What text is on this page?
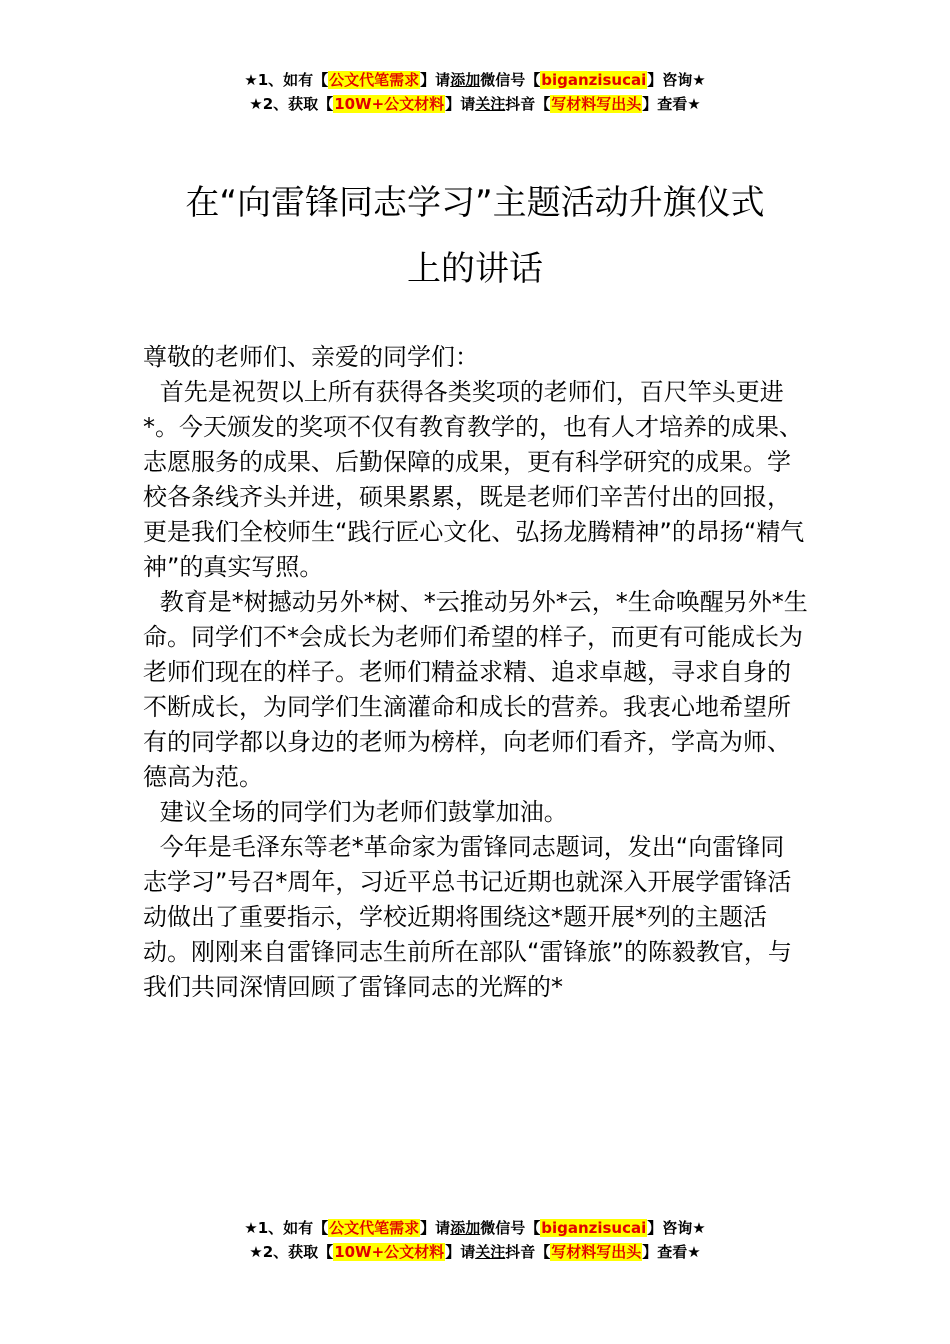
★1、如有【公文代笔需求】请添加微信号【biganzisucai】咨询★
★2、获取【10W+公文材料】请关注抖音【写材料写出头】查看★
在“向雷锋同志学习”主题活动升旗仪式
上的讲话

尊敬的老师们、亲爱的同学们：

首先是祝贺以上所有获得各类奖项的老师们，百尺竿头更进*。今天颁发的奖项不仅有教育教学的，也有人才培养的成果、志愿服务的成果、后勤保障的成果，更有科学研究的成果。学校各条线齐头并进，硕果累累，既是老师们辛苦付出的回报，更是我们全校师生“践行匠心文化、弘扬龙腾精神”的昂扬“精气神”的真实写照。

教育是*树撼动另外*树、*云推动另外*云，*生命唤醒另外*生命。同学们不*会成长为老师们希望的样子，而更有可能成长为老师们现在的样子。老师们精益求精、追求卓越，寻求自身的不断成长，为同学们生滴灌命和成长的营养。我衷心地希望所有的同学都以身边的老师为榜样，向老师们看齐，学高为师、德高为范。

建议全场的同学们为老师们鼓掌加油。

今年是毛泽东等老*革命家为雷锋同志题词，发出“向雷锋同志学习”号召*周年，习近平总书记近期也就深入开展学雷锋活动做出了重要指示，学校近期将围绕这*题开展*列的主题活动。刚刚来自雷锋同志生前所在部队“雷锋旅”的陈毅教官，与我们共同深情回顾了雷锋同志的光辉的*

★1、如有【公文代笔需求】请添加微信号【biganzisucai】咨询★
★2、获取【10W+公文材料】请关注抖音【写材料写出头】查看★
